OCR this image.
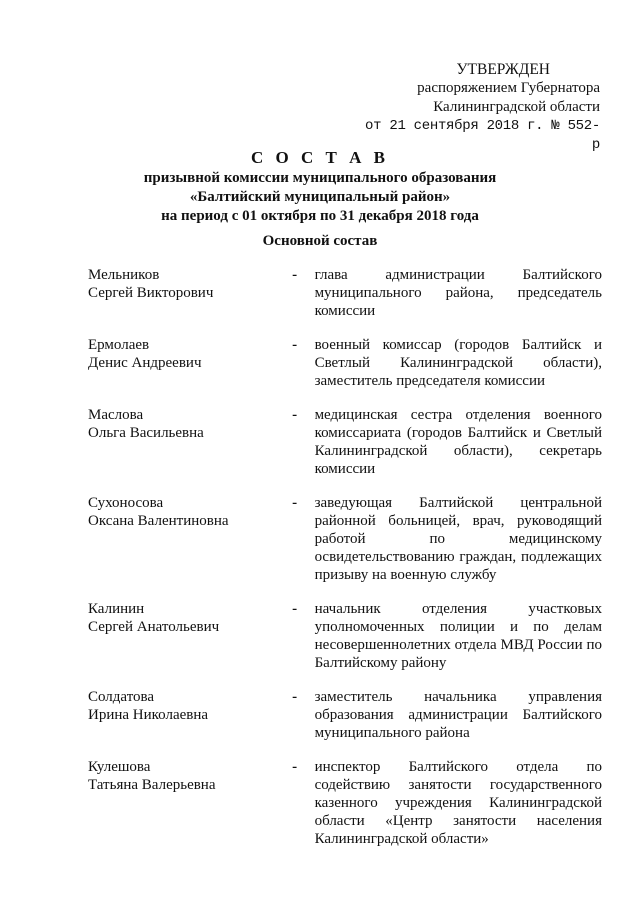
УТВЕРЖДЕН
распоряжением Губернатора
Калининградской области
от 21 сентября 2018 г. № 552-р
С О С Т А В
призывной комиссии муниципального образования
«Балтийский муниципальный район»
на период с 01 октября по 31 декабря 2018 года
Основной состав
Мельников
Сергей Викторович
-	глава администрации Балтийского муниципального района, председатель комиссии
Ермолаев
Денис Андреевич
-	военный комиссар (городов Балтийск и Светлый Калининградской области), заместитель председателя комиссии
Маслова
Ольга Васильевна
-	медицинская сестра отделения военного комиссариата (городов Балтийск и Светлый Калининградской области), секретарь комиссии
Сухоносова
Оксана Валентиновна
-	заведующая Балтийской центральной районной больницей, врач, руководящий работой по медицинскому освидетельствованию граждан, подлежащих призыву на военную службу
Калинин
Сергей Анатольевич
-	начальник отделения участковых уполномоченных полиции и по делам несовершеннолетних отдела МВД России по Балтийскому району
Солдатова
Ирина Николаевна
-	заместитель начальника управления образования администрации Балтийского муниципального района
Кулешова
Татьяна Валерьевна
-	инспектор Балтийского отдела по содействию занятости государственного казенного учреждения Калининградской области «Центр занятости населения Калининградской области»
